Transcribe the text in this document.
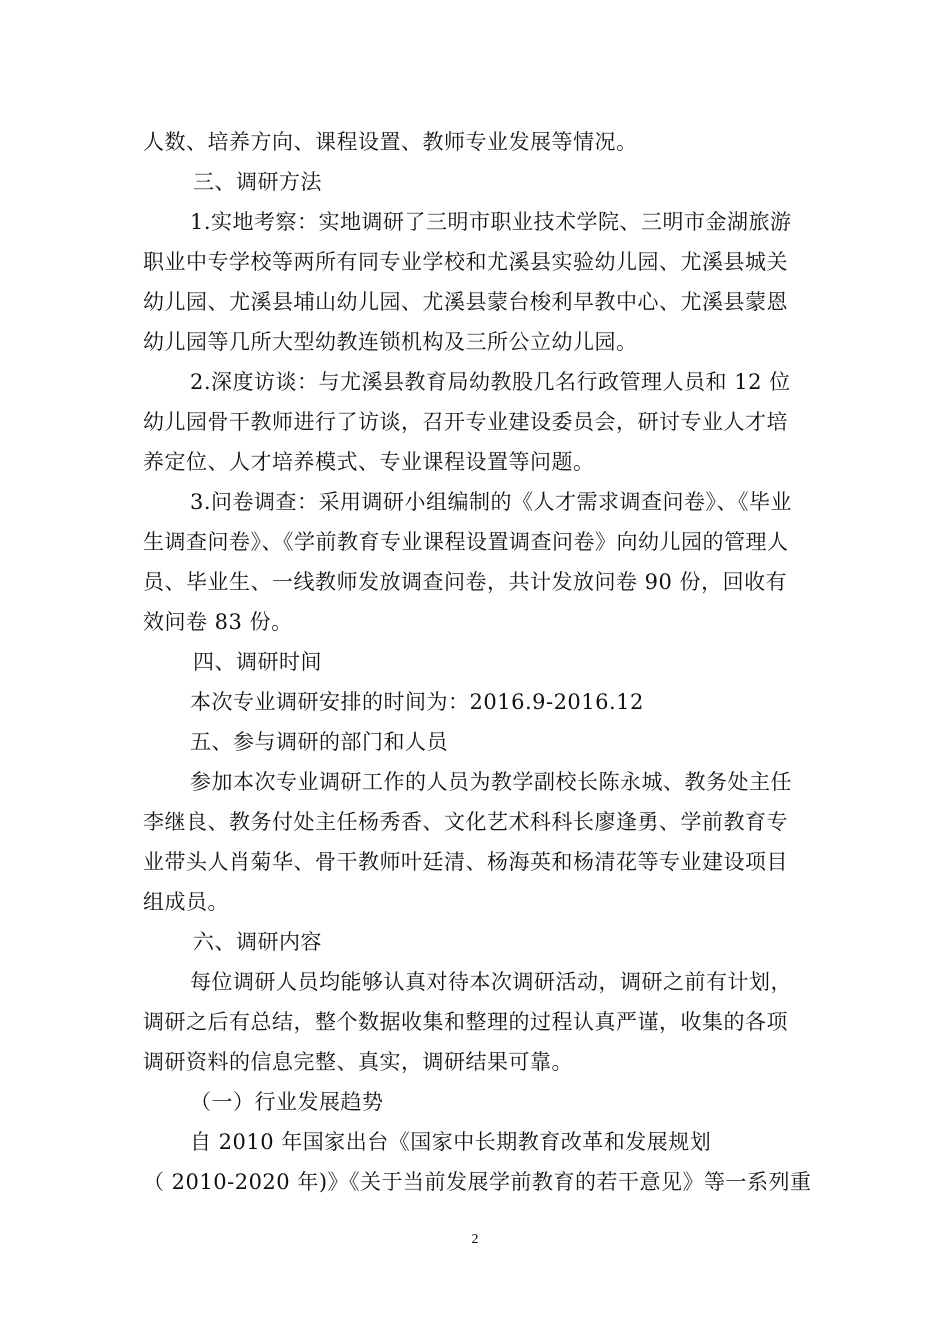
人数、培养方向、课程设置、教师专业发展等情况。
三、调研方法
1.实地考察：实地调研了三明市职业技术学院、三明市金湖旅游
职业中专学校等两所有同专业学校和尤溪县实验幼儿园、尤溪县城关
幼儿园、尤溪县埔山幼儿园、尤溪县蒙台梭利早教中心、尤溪县蒙恩
幼儿园等几所大型幼教连锁机构及三所公立幼儿园。
2.深度访谈：与尤溪县教育局幼教股几名行政管理人员和 12 位
幼儿园骨干教师进行了访谈，召开专业建设委员会，研讨专业人才培
养定位、人才培养模式、专业课程设置等问题。
3.问卷调查：采用调研小组编制的《人才需求调查问卷》、《毕业
生调查问卷》、《学前教育专业课程设置调查问卷》向幼儿园的管理人
员、毕业生、一线教师发放调查问卷，共计发放问卷 90 份，回收有
效问卷 83 份。
四、调研时间
本次专业调研安排的时间为：2016.9-2016.12
五、参与调研的部门和人员
参加本次专业调研工作的人员为教学副校长陈永城、教务处主任
李继良、教务付处主任杨秀香、文化艺术科科长廖逢勇、学前教育专
业带头人肖菊华、骨干教师叶廷清、杨海英和杨清花等专业建设项目
组成员。
六、调研内容
每位调研人员均能够认真对待本次调研活动，调研之前有计划，
调研之后有总结，整个数据收集和整理的过程认真严谨，收集的各项
调研资料的信息完整、真实，调研结果可靠。
（一）行业发展趋势
自 2010 年国家出台《国家中长期教育改革和发展规划
（ 2010-2020 年)》《关于当前发展学前教育的若干意见》等一系列重
2
